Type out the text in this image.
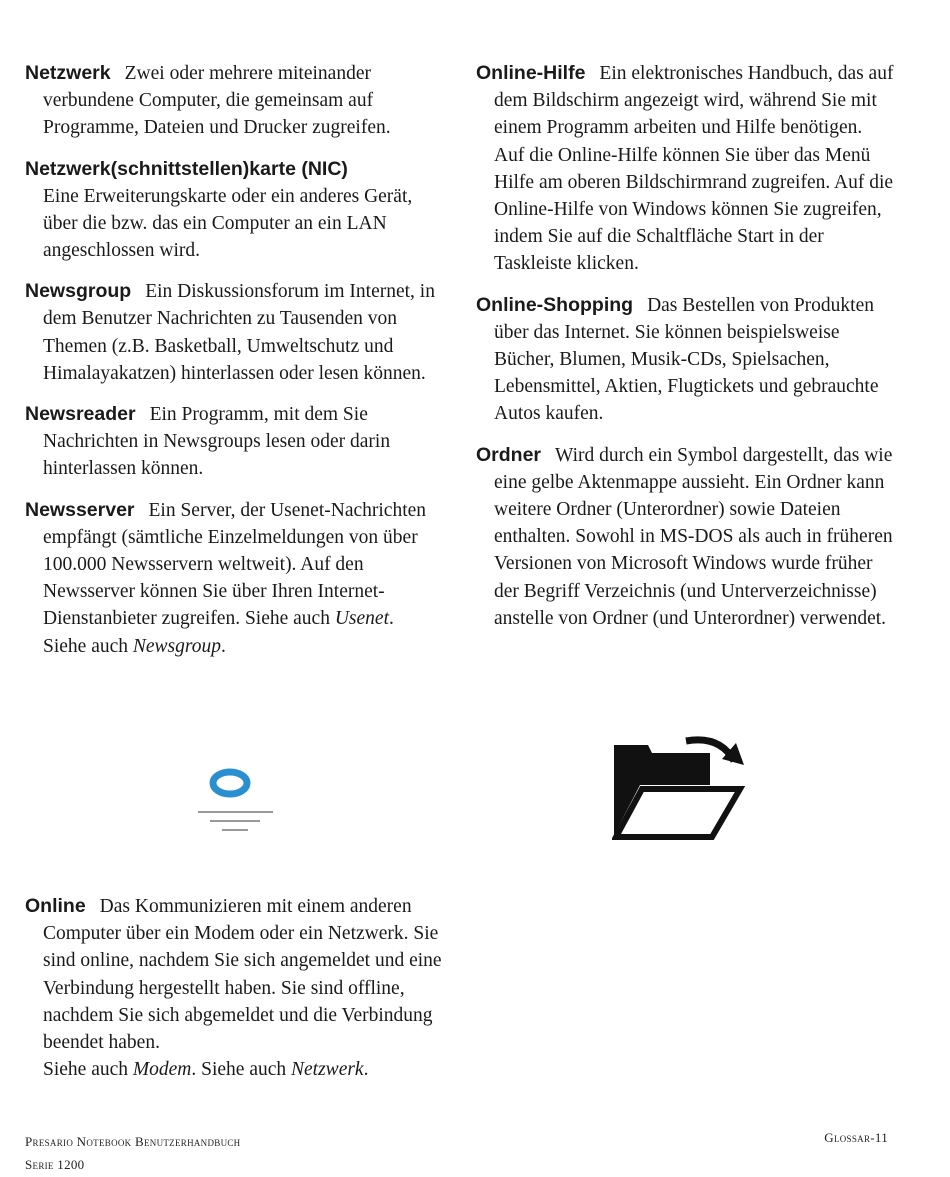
Netzwerk Zwei oder mehrere miteinander verbundene Computer, die gemeinsam auf Programme, Dateien und Drucker zugreifen.

Netzwerk(schnittstellen)karte (NIC)
Eine Erweiterungskarte oder ein anderes Gerät, über die bzw. das ein Computer an ein LAN angeschlossen wird.

Newsgroup Ein Diskussionsforum im Internet, in dem Benutzer Nachrichten zu Tausenden von Themen (z.B. Basketball, Umweltschutz und Himalayakatzen) hinterlassen oder lesen können.

Newsreader Ein Programm, mit dem Sie Nachrichten in Newsgroups lesen oder darin hinterlassen können.

Newsserver Ein Server, der Usenet-Nachrichten empfängt (sämtliche Einzelmeldungen von über 100.000 Newsservern weltweit). Auf den Newsserver können Sie über Ihren Internet-Dienstanbieter zugreifen. Siehe auch Usenet.
Siehe auch Newsgroup.

Online Das Kommunizieren mit einem anderen Computer über ein Modem oder ein Netzwerk. Sie sind online, nachdem Sie sich angemeldet und eine Verbindung hergestellt haben. Sie sind offline, nachdem Sie sich abgemeldet und die Verbindung beendet haben.
Siehe auch Modem. Siehe auch Netzwerk.

Online-Hilfe Ein elektronisches Handbuch, das auf dem Bildschirm angezeigt wird, während Sie mit einem Programm arbeiten und Hilfe benötigen. Auf die Online-Hilfe können Sie über das Menü Hilfe am oberen Bildschirmrand zugreifen. Auf die Online-Hilfe von Windows können Sie zugreifen, indem Sie auf die Schaltfläche Start in der Taskleiste klicken.

Online-Shopping Das Bestellen von Produkten über das Internet. Sie können beispielsweise Bücher, Blumen, Musik-CDs, Spielsachen, Lebensmittel, Aktien, Flugtickets und gebrauchte Autos kaufen.

Ordner Wird durch ein Symbol dargestellt, das wie eine gelbe Aktenmappe aussieht. Ein Ordner kann weitere Ordner (Unterordner) sowie Dateien enthalten. Sowohl in MS-DOS als auch in früheren Versionen von Microsoft Windows wurde früher der Begriff Verzeichnis (und Unterverzeichnisse) anstelle von Ordner (und Unterordner) verwendet.

Presario Notebook Benutzerhandbuch
Serie 1200
Glossar-11
